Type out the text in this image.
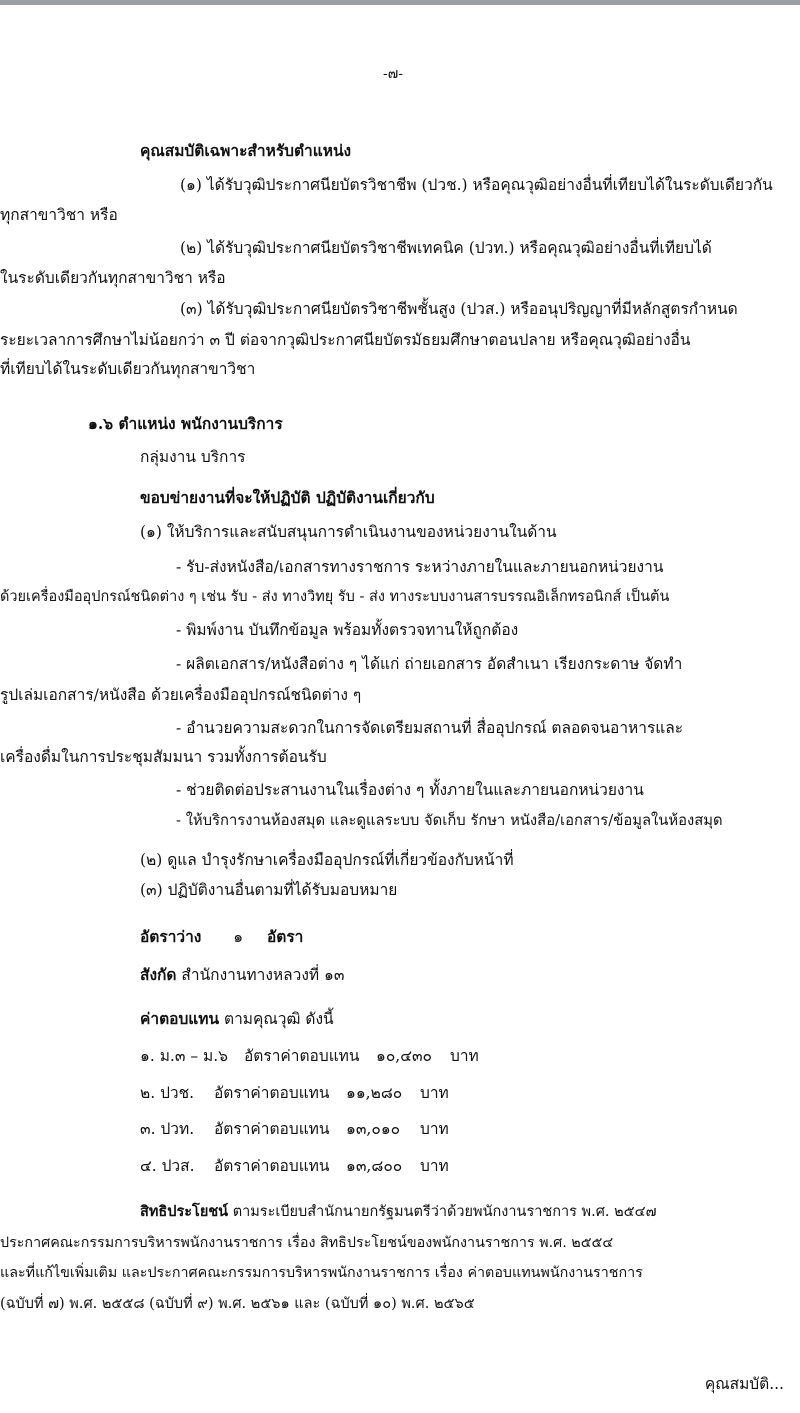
-๗-
คุณสมบัติเฉพาะสำหรับตำแหน่ง
(๑) ได้รับวุฒิประกาศนียบัตรวิชาชีพ (ปวช.) หรือคุณวุฒิอย่างอื่นที่เทียบได้ในระดับเดียวกัน
ทุกสาขาวิชา หรือ
(๒) ได้รับวุฒิประกาศนียบัตรวิชาชีพเทคนิค (ปวท.) หรือคุณวุฒิอย่างอื่นที่เทียบได้
ในระดับเดียวกันทุกสาขาวิชา หรือ
(๓) ได้รับวุฒิประกาศนียบัตรวิชาชีพชั้นสูง (ปวส.) หรืออนุปริญญาที่มีหลักสูตรกำหนด
ระยะเวลาการศึกษาไม่น้อยกว่า ๓ ปี ต่อจากวุฒิประกาศนียบัตรมัธยมศึกษาตอนปลาย หรือคุณวุฒิอย่างอื่น
ที่เทียบได้ในระดับเดียวกันทุกสาขาวิชา
๑.๖ ตำแหน่ง พนักงานบริการ
กลุ่มงาน บริการ
ขอบข่ายงานที่จะให้ปฏิบัติ ปฏิบัติงานเกี่ยวกับ
(๑) ให้บริการและสนับสนุนการดำเนินงานของหน่วยงานในด้าน
- รับ-ส่งหนังสือ/เอกสารทางราชการ ระหว่างภายในและภายนอกหน่วยงาน
ด้วยเครื่องมืออุปกรณ์ชนิดต่าง ๆ เช่น รับ - ส่ง ทางวิทยุ รับ - ส่ง ทางระบบงานสารบรรณอิเล็กทรอนิกส์ เป็นต้น
- พิมพ์งาน บันทึกข้อมูล พร้อมทั้งตรวจทานให้ถูกต้อง
- ผลิตเอกสาร/หนังสือต่าง ๆ ได้แก่ ถ่ายเอกสาร อัดสำเนา เรียงกระดาษ จัดทำ
รูปเล่มเอกสาร/หนังสือ ด้วยเครื่องมืออุปกรณ์ชนิดต่าง ๆ
- อำนวยความสะดวกในการจัดเตรียมสถานที่ สื่ออุปกรณ์ ตลอดจนอาหารและ
เครื่องดื่มในการประชุมสัมมนา รวมทั้งการต้อนรับ
- ช่วยติดต่อประสานงานในเรื่องต่าง ๆ ทั้งภายในและภายนอกหน่วยงาน
- ให้บริการงานห้องสมุด และดูแลระบบ จัดเก็บ รักษา หนังสือ/เอกสาร/ข้อมูลในห้องสมุด
(๒) ดูแล บำรุงรักษาเครื่องมืออุปกรณ์ที่เกี่ยวข้องกับหน้าที่
(๓) ปฏิบัติงานอื่นตามที่ได้รับมอบหมาย
อัตราว่าง ๑ อัตรา
สังกัด สำนักงานทางหลวงที่ ๑๓
ค่าตอบแทน ตามคุณวุฒิ ดังนี้
๑. ม.๓ – ม.๖ อัตราค่าตอบแทน ๑๐,๔๓๐ บาท
๒. ปวช. อัตราค่าตอบแทน ๑๑,๒๘๐ บาท
๓. ปวท. อัตราค่าตอบแทน ๑๓,๐๑๐ บาท
๔. ปวส. อัตราค่าตอบแทน ๑๓,๘๐๐ บาท
สิทธิประโยชน์ ตามระเบียบสำนักนายกรัฐมนตรีว่าด้วยพนักงานราชการ พ.ศ. ๒๕๔๗
ประกาศคณะกรรมการบริหารพนักงานราชการ เรื่อง สิทธิประโยชน์ของพนักงานราชการ พ.ศ. ๒๕๕๔
และที่แก้ไขเพิ่มเติม และประกาศคณะกรรมการบริหารพนักงานราชการ เรื่อง ค่าตอบแทนพนักงานราชการ
(ฉบับที่ ๗) พ.ศ. ๒๕๕๘ (ฉบับที่ ๙) พ.ศ. ๒๕๖๑ และ (ฉบับที่ ๑๐) พ.ศ. ๒๕๖๕
คุณสมบัติ...
